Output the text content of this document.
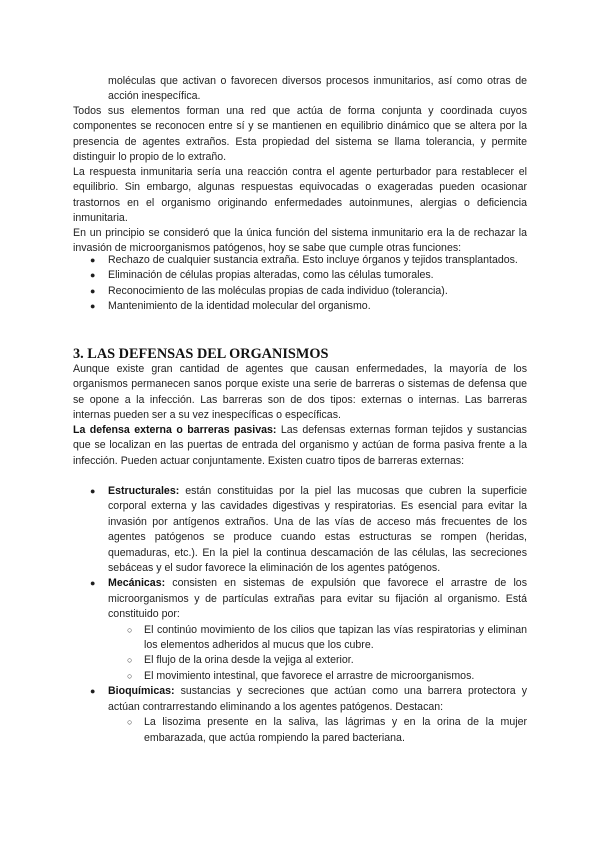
moléculas que activan o favorecen diversos procesos inmunitarios, así como otras de acción inespecífica.
Todos sus elementos forman una red que actúa de forma conjunta y coordinada cuyos componentes se reconocen entre sí y se mantienen en equilibrio dinámico que se altera por la presencia de agentes extraños. Esta propiedad del sistema se llama tolerancia, y permite distinguir lo propio de lo extraño.
La respuesta inmunitaria sería una reacción contra el agente perturbador para restablecer el equilibrio. Sin embargo, algunas respuestas equivocadas o exageradas pueden ocasionar trastornos en el organismo originando enfermedades autoinmunes, alergias o deficiencia inmunitaria.
En un principio se consideró que la única función del sistema inmunitario era la de rechazar la invasión de microorganismos patógenos, hoy se sabe que cumple otras funciones:
● Rechazo de cualquier sustancia extraña. Esto incluye órganos y tejidos transplantados.
● Eliminación de células propias alteradas, como las células tumorales.
● Reconocimiento de las moléculas propias de cada individuo (tolerancia).
● Mantenimiento de la identidad molecular del organismo.
3. LAS DEFENSAS DEL ORGANISMOS
Aunque existe gran cantidad de agentes que causan enfermedades, la mayoría de los organismos permanecen sanos porque existe una serie de barreras o sistemas de defensa que se opone a la infección. Las barreras son de dos tipos: externas o internas. Las barreras internas pueden ser a su vez inespecíficas o específicas.
La defensa externa o barreras pasivas: Las defensas externas forman tejidos y sustancias que se localizan en las puertas de entrada del organismo y actúan de forma pasiva frente a la infección. Pueden actuar conjuntamente. Existen cuatro tipos de barreras externas:
● Estructurales: están constituidas por la piel las mucosas que cubren la superficie corporal externa y las cavidades digestivas y respiratorias. Es esencial para evitar la invasión por antígenos extraños. Una de las vías de acceso más frecuentes de los agentes patógenos se produce cuando estas estructuras se rompen (heridas, quemaduras, etc.). En la piel la continua descamación de las células, las secreciones sebáceas y el sudor favorece la eliminación de los agentes patógenos.
● Mecánicas: consisten en sistemas de expulsión que favorece el arrastre de los microorganismos y de partículas extrañas para evitar su fijación al organismo. Está constituido por:
○ El continúo movimiento de los cilios que tapizan las vías respiratorias y eliminan los elementos adheridos al mucus que los cubre.
○ El flujo de la orina desde la vejiga al exterior.
○ El movimiento intestinal, que favorece el arrastre de microorganismos.
● Bioquímicas: sustancias y secreciones que actúan como una barrera protectora y actúan contrarrestando eliminando a los agentes patógenos. Destacan:
○ La lisozima presente en la saliva, las lágrimas y en la orina de la mujer embarazada, que actúa rompiendo la pared bacteriana.
